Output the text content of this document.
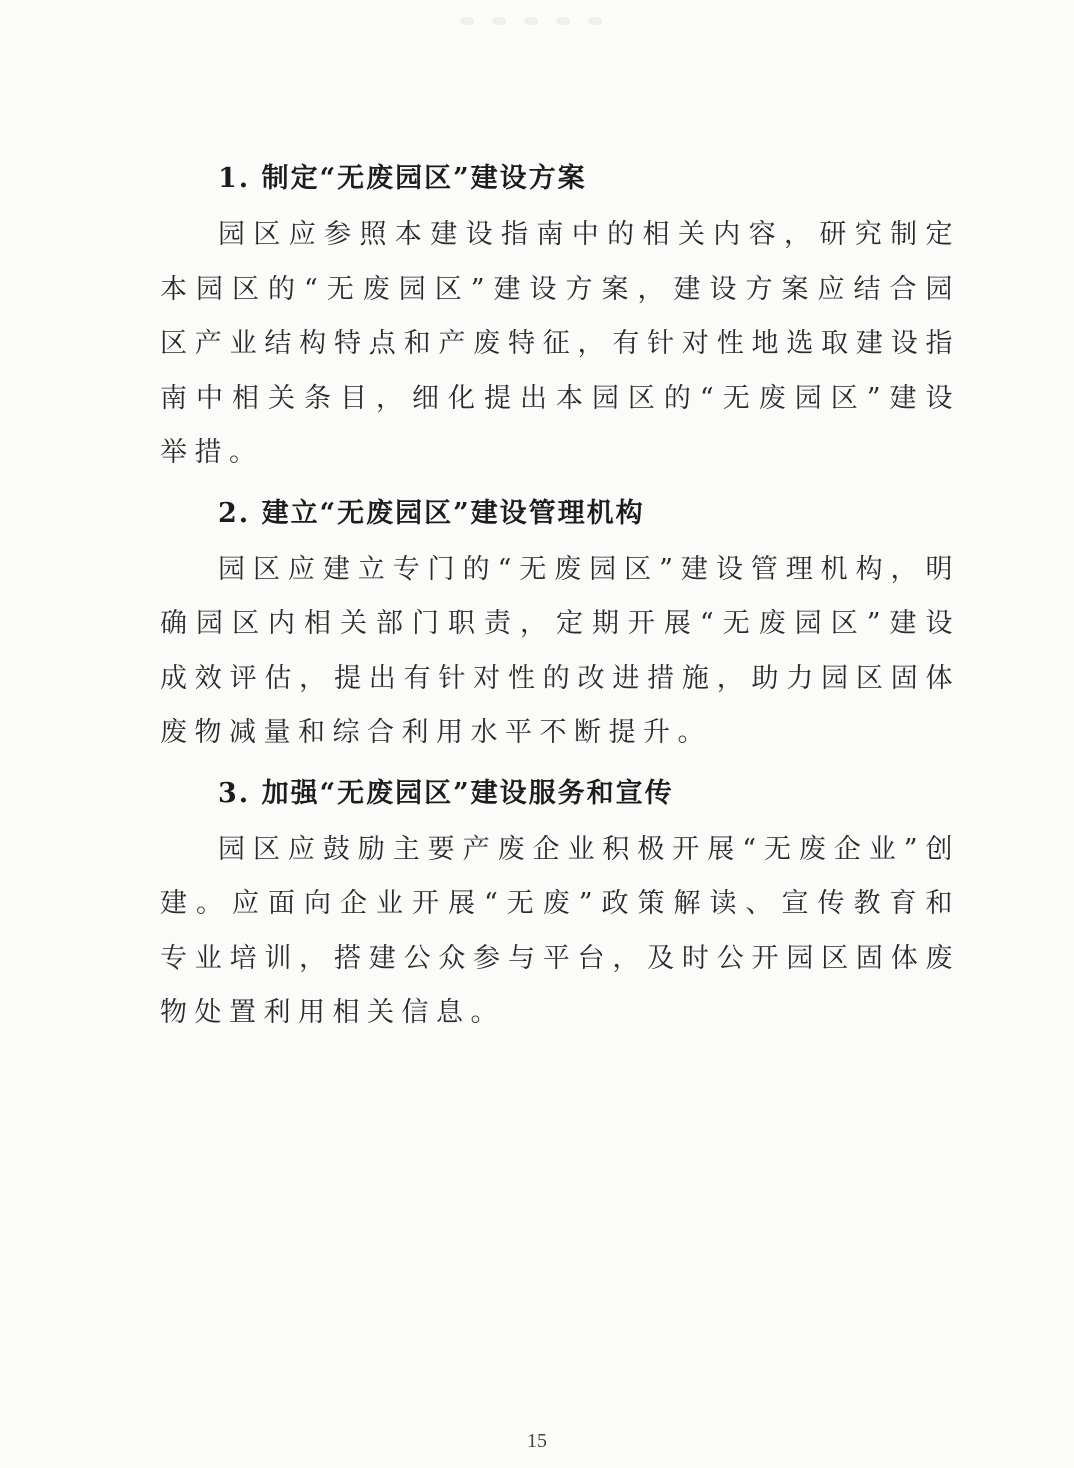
1. 制定“无废园区”建设方案

园区应参照本建设指南中的相关内容，研究制定本园区的“无废园区”建设方案，建设方案应结合园区产业结构特点和产废特征，有针对性地选取建设指南中相关条目，细化提出本园区的“无废园区”建设举措。

2. 建立“无废园区”建设管理机构

园区应建立专门的“无废园区”建设管理机构，明确园区内相关部门职责，定期开展“无废园区”建设成效评估，提出有针对性的改进措施，助力园区固体废物减量和综合利用水平不断提升。

3. 加强“无废园区”建设服务和宣传

园区应鼓励主要产废企业积极开展“无废企业”创建。应面向企业开展“无废”政策解读、宣传教育和专业培训，搭建公众参与平台，及时公开园区固体废物处置利用相关信息。

15
